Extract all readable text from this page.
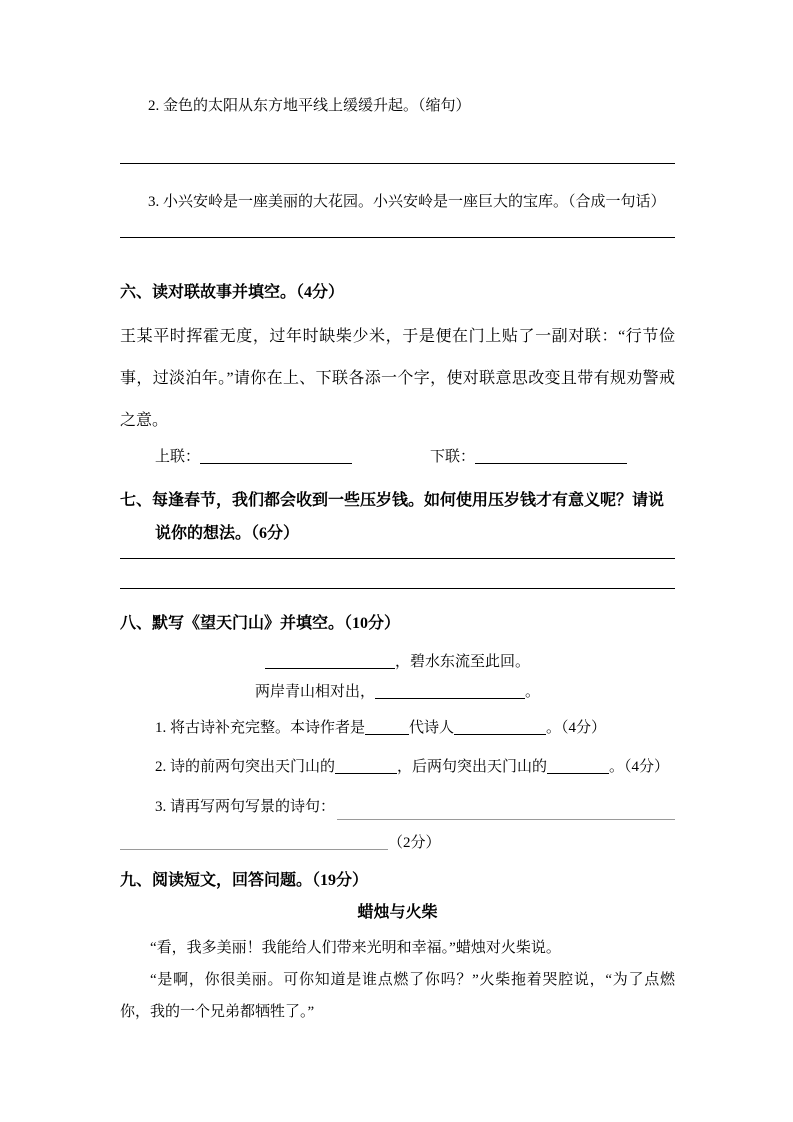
2. 金色的太阳从东方地平线上缓缓升起。（缩句）
3. 小兴安岭是一座美丽的大花园。小兴安岭是一座巨大的宝库。（合成一句话）
六、读对联故事并填空。（4分）
王某平时挥霍无度，过年时缺柴少米，于是便在门上贴了一副对联：“行节俭事，过淡泊年。”请你在上、下联各添一个字，使对联意思改变且带有规劝警戒之意。
上联：	下联：
七、每逢春节，我们都会收到一些压岁钱。如何使用压岁钱才有意义呢？请说说你的想法。（6分）
八、默写《望天门山》并填空。（10分）
，碧水东流至此回。
两岸青山相对出，	。
1. 将古诗补充完整。本诗作者是	代诗人	。（4分）
2. 诗的前两句突出天门山的	，后两句突出天门山的	。（4分）
3. 请再写两句写景的诗句：
（2分）
九、阅读短文，回答问题。（19分）
蜡烛与火柴
“看，我多美丽！我能给人们带来光明和幸福。”蜡烛对火柴说。
“是啊，你很美丽。可你知道是谁点燃了你吗？”火柴拖着哭腔说，“为了点燃你，我的一个兄弟都牺牲了。”
